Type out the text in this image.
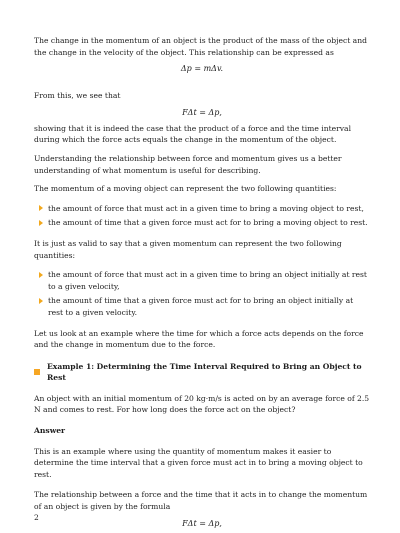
The change in the momentum of an object is the product of the mass of the object and the change in the velocity of the object. This relationship can be expressed as

Δp = mΔv.

From this, we see that

FΔt = Δp,

showing that it is indeed the case that the product of a force and the time interval during which the force acts equals the change in the momentum of the object.

Understanding the relationship between force and momentum gives us a better understanding of what momentum is useful for describing.

The momentum of a moving object can represent the two following quantities:

the amount of force that must act in a given time to bring a moving object to rest,
the amount of time that a given force must act for to bring a moving object to rest.

It is just as valid to say that a given momentum can represent the two following quantities:

the amount of force that must act in a given time to bring an object initially at rest to a given velocity,
the amount of time that a given force must act for to bring an object initially at rest to a given velocity.

Let us look at an example where the time for which a force acts depends on the force and the change in momentum due to the force.

Example 1: Determining the Time Interval Required to Bring an Object to Rest

An object with an initial momentum of 20 kg·m/s is acted on by an average force of 2.5 N and comes to rest. For how long does the force act on the object?

Answer

This is an example where using the quantity of momentum makes it easier to determine the time interval that a given force must act in to bring a moving object to rest.

The relationship between a force and the time that it acts in to change the momentum of an object is given by the formula

FΔt = Δp,

2
